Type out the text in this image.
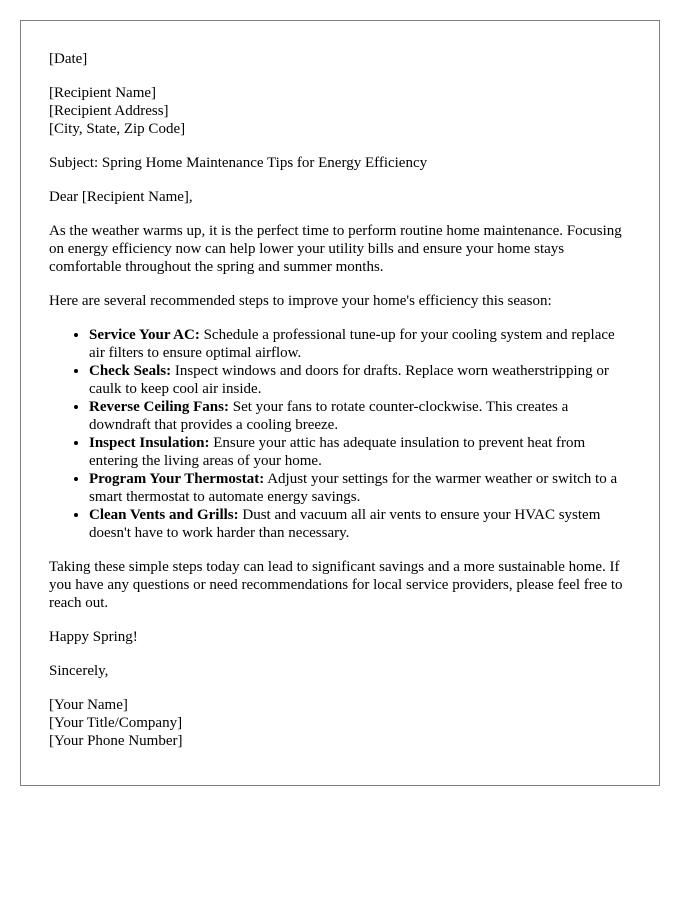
[Date]

[Recipient Name]
[Recipient Address]
[City, State, Zip Code]

Subject: Spring Home Maintenance Tips for Energy Efficiency

Dear [Recipient Name],

As the weather warms up, it is the perfect time to perform routine home maintenance. Focusing on energy efficiency now can help lower your utility bills and ensure your home stays comfortable throughout the spring and summer months.

Here are several recommended steps to improve your home's efficiency this season:

• Service Your AC: Schedule a professional tune-up for your cooling system and replace air filters to ensure optimal airflow.
• Check Seals: Inspect windows and doors for drafts. Replace worn weatherstripping or caulk to keep cool air inside.
• Reverse Ceiling Fans: Set your fans to rotate counter-clockwise. This creates a downdraft that provides a cooling breeze.
• Inspect Insulation: Ensure your attic has adequate insulation to prevent heat from entering the living areas of your home.
• Program Your Thermostat: Adjust your settings for the warmer weather or switch to a smart thermostat to automate energy savings.
• Clean Vents and Grills: Dust and vacuum all air vents to ensure your HVAC system doesn't have to work harder than necessary.

Taking these simple steps today can lead to significant savings and a more sustainable home. If you have any questions or need recommendations for local service providers, please feel free to reach out.

Happy Spring!

Sincerely,

[Your Name]
[Your Title/Company]
[Your Phone Number]
